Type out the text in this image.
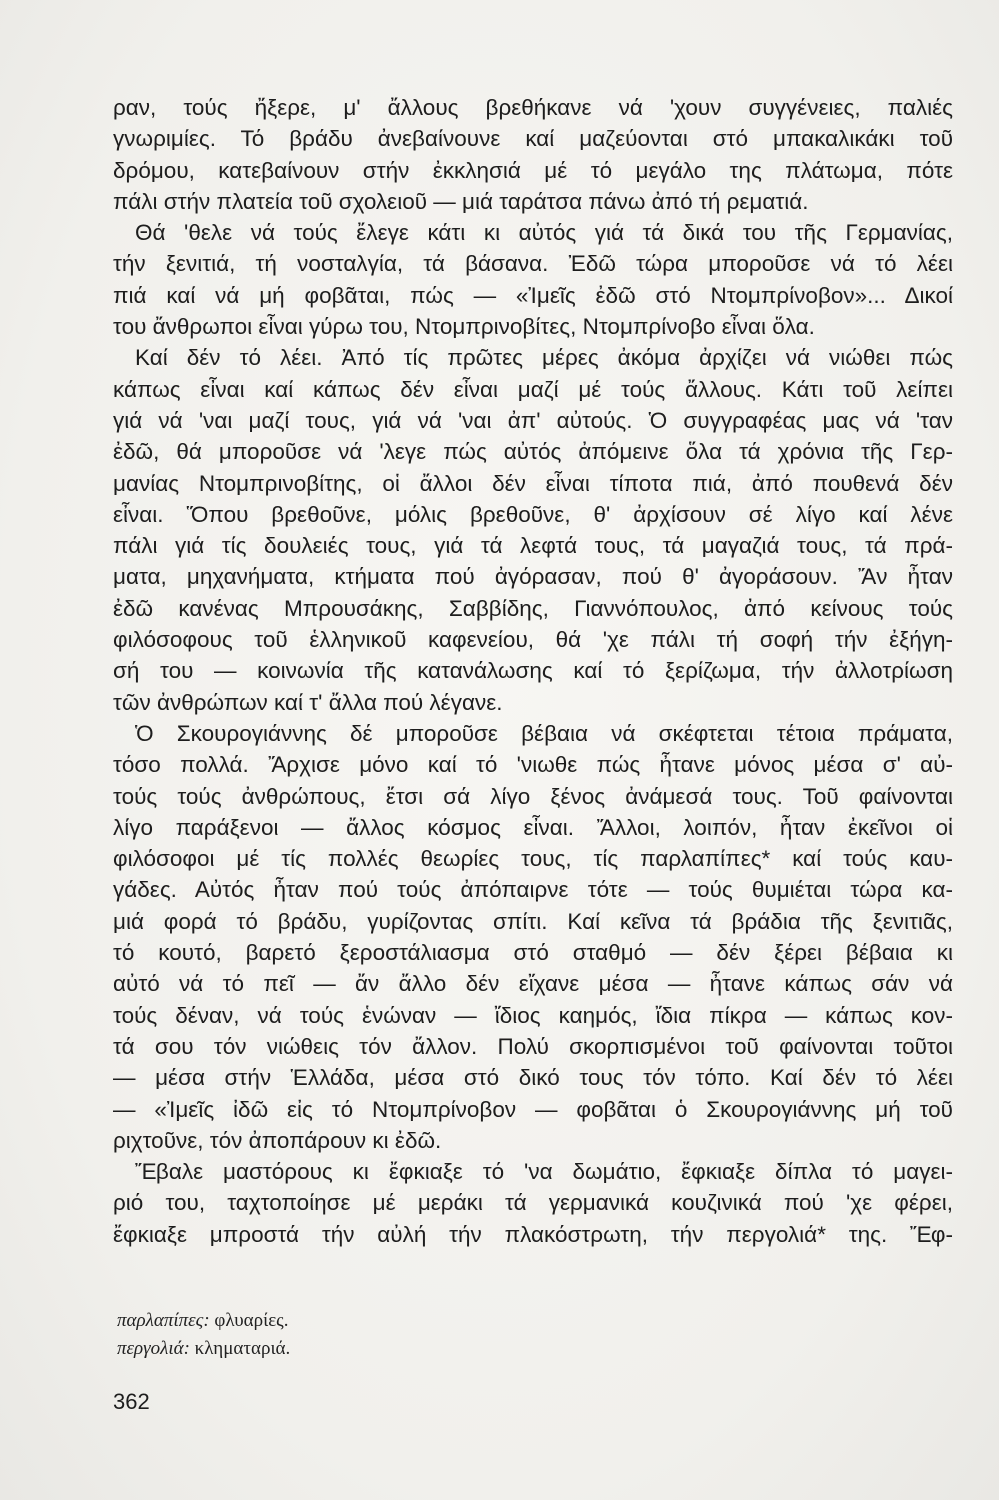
ραν, τούς ἤξερε, μ' ἄλλους βρεθήκανε νά 'χουν συγγένειες, παλιές
γνωριμίες. Τό βράδυ ἀνεβαίνουνε καί μαζεύονται στό μπακαλικάκι τοῦ
δρόμου, κατεβαίνουν στήν ἐκκλησιά μέ τό μεγάλο της πλάτωμα, πότε
πάλι στήν πλατεία τοῦ σχολειοῦ — μιά ταράτσα πάνω ἀπό τή ρεματιά.
Θά 'θελε νά τούς ἔλεγε κάτι κι αὐτός γιά τά δικά του τῆς Γερμανίας,
τήν ξενιτιά, τή νοσταλγία, τά βάσανα. Ἐδῶ τώρα μποροῦσε νά τό λέει
πιά καί νά μή φοβᾶται, πώς — «Ἰμεῖς ἐδῶ στό Ντομπρίνοβον»... Δικοί
του ἄνθρωποι εἶναι γύρω του, Ντομπρινοβίτες, Ντομπρίνοβο εἶναι ὅλα.
Καί δέν τό λέει. Ἀπό τίς πρῶτες μέρες ἀκόμα ἀρχίζει νά νιώθει πώς
κάπως εἶναι καί κάπως δέν εἶναι μαζί μέ τούς ἄλλους. Κάτι τοῦ λείπει
γιά νά 'ναι μαζί τους, γιά νά 'ναι ἀπ' αὐτούς. Ὁ συγγραφέας μας νά 'ταν
ἐδῶ, θά μποροῦσε νά 'λεγε πώς αὐτός ἀπόμεινε ὅλα τά χρόνια τῆς Γερ-
μανίας Ντομπρινοβίτης, οἱ ἄλλοι δέν εἶναι τίποτα πιά, ἀπό πουθενά δέν
εἶναι. Ὅπου βρεθοῦνε, μόλις βρεθοῦνε, θ' ἀρχίσουν σέ λίγο καί λένε
πάλι γιά τίς δουλειές τους, γιά τά λεφτά τους, τά μαγαζιά τους, τά πρά-
ματα, μηχανήματα, κτήματα πού ἀγόρασαν, πού θ' ἀγοράσουν. Ἄν ἦταν
ἐδῶ κανένας Μπρουσάκης, Σαββίδης, Γιαννόπουλος, ἀπό κείνους τούς
φιλόσοφους τοῦ ἑλληνικοῦ καφενείου, θά 'χε πάλι τή σοφή τήν ἐξήγη-
σή του — κοινωνία τῆς κατανάλωσης καί τό ξερίζωμα, τήν ἀλλοτρίωση
τῶν ἀνθρώπων καί τ' ἄλλα πού λέγανε.
Ὁ Σκουρογιάννης δέ μποροῦσε βέβαια νά σκέφτεται τέτοια πράματα,
τόσο πολλά. Ἄρχισε μόνο καί τό 'νιωθε πώς ἦτανε μόνος μέσα σ' αὐ-
τούς τούς ἀνθρώπους, ἔτσι σά λίγο ξένος ἀνάμεσά τους. Τοῦ φαίνονται
λίγο παράξενοι — ἄλλος κόσμος εἶναι. Ἄλλοι, λοιπόν, ἦταν ἐκεῖνοι οἱ
φιλόσοφοι μέ τίς πολλές θεωρίες τους, τίς παρλαπίπες* καί τούς καυ-
γάδες. Αὐτός ἦταν πού τούς ἀπόπαιρνε τότε — τούς θυμιέται τώρα κα-
μιά φορά τό βράδυ, γυρίζοντας σπίτι. Καί κεῖνα τά βράδια τῆς ξενιτιᾶς,
τό κουτό, βαρετό ξεροστάλιασμα στό σταθμό — δέν ξέρει βέβαια κι
αὐτό νά τό πεῖ — ἄν ἄλλο δέν εἴχανε μέσα — ἦτανε κάπως σάν νά
τούς δέναν, νά τούς ἑνώναν — ἴδιος καημός, ἴδια πίκρα — κάπως κον-
τά σου τόν νιώθεις τόν ἄλλον. Πολύ σκορπισμένοι τοῦ φαίνονται τοῦτοι
— μέσα στήν Ἑλλάδα, μέσα στό δικό τους τόν τόπο. Καί δέν τό λέει
— «Ἰμεῖς ἰδῶ εἰς τό Ντομπρίνοβον — φοβᾶται ὁ Σκουρογιάννης μή τοῦ
ριχτοῦνε, τόν ἀποπάρουν κι ἐδῶ.
Ἔβαλε μαστόρους κι ἔφκιαξε τό 'να δωμάτιο, ἔφκιαξε δίπλα τό μαγει-
ριό του, ταχτοποίησε μέ μεράκι τά γερμανικά κουζινικά πού 'χε φέρει,
ἔφκιαξε μπροστά τήν αὐλή τήν πλακόστρωτη, τήν περγολιά* της. Ἔφ-
παρλαπίπες: φλυαρίες.
περγολιά: κληματαριά.
362
